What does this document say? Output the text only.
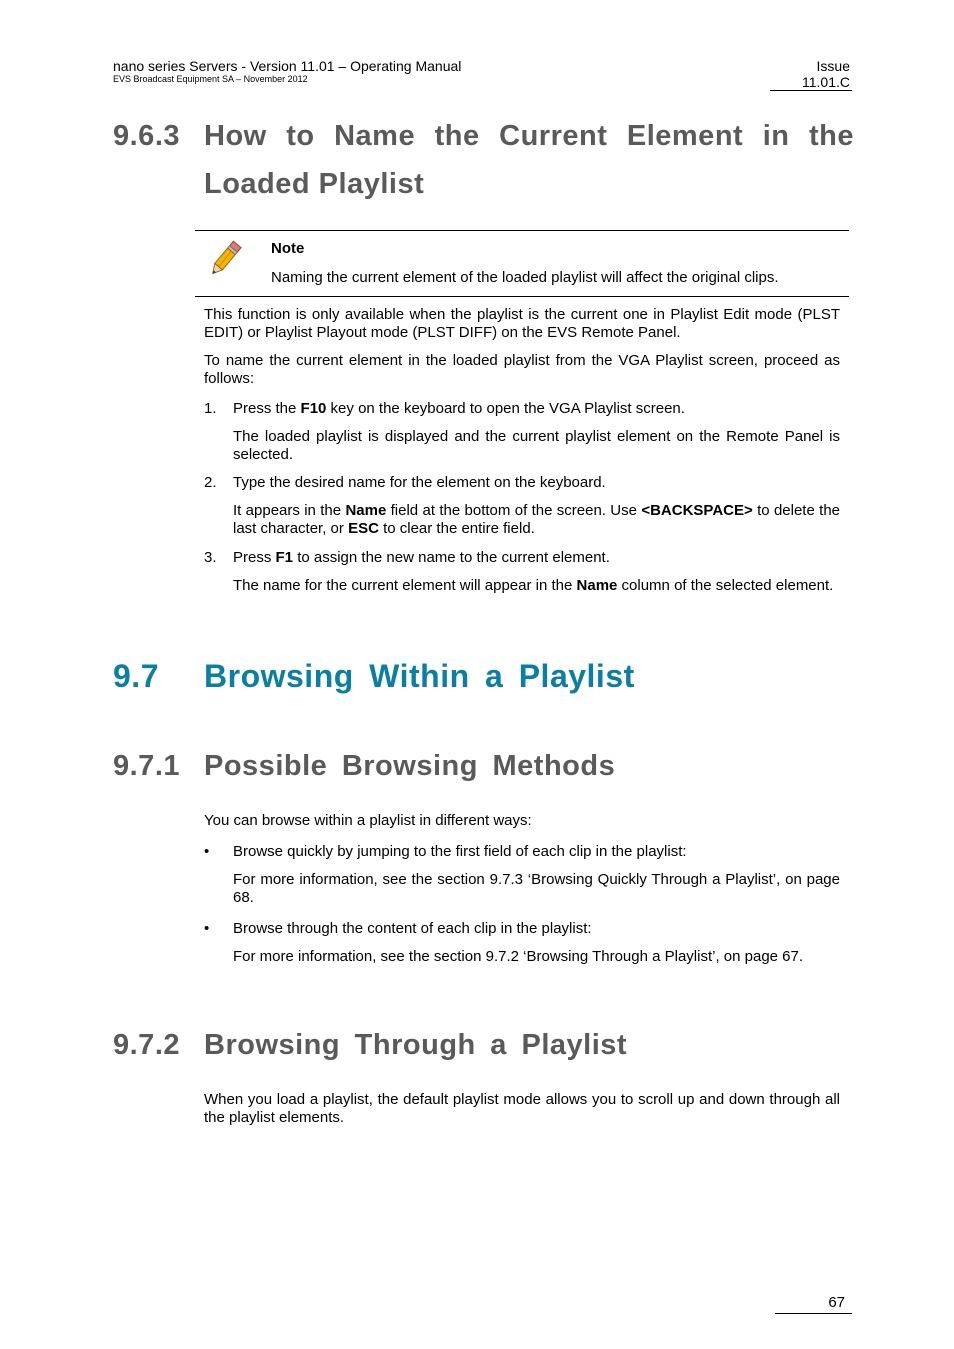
nano series Servers - Version 11.01 – Operating Manual
EVS Broadcast Equipment SA – November 2012
Issue
11.01.C
9.6.3 How to Name the Current Element in the
Loaded Playlist
Note
Naming the current element of the loaded playlist will affect the original clips.
This function is only available when the playlist is the current one in Playlist Edit mode (PLST EDIT) or Playlist Playout mode (PLST DIFF) on the EVS Remote Panel.
To name the current element in the loaded playlist from the VGA Playlist screen, proceed as follows:
1. Press the F10 key on the keyboard to open the VGA Playlist screen.
The loaded playlist is displayed and the current playlist element on the Remote Panel is selected.
2. Type the desired name for the element on the keyboard.
It appears in the Name field at the bottom of the screen. Use <BACKSPACE> to delete the last character, or ESC to clear the entire field.
3. Press F1 to assign the new name to the current element.
The name for the current element will appear in the Name column of the selected element.
9.7 Browsing Within a Playlist
9.7.1 Possible Browsing Methods
You can browse within a playlist in different ways:
• Browse quickly by jumping to the first field of each clip in the playlist:
For more information, see the section 9.7.3 ‘Browsing Quickly Through a Playlist’, on page 68.
• Browse through the content of each clip in the playlist:
For more information, see the section 9.7.2 ‘Browsing Through a Playlist’, on page 67.
9.7.2 Browsing Through a Playlist
When you load a playlist, the default playlist mode allows you to scroll up and down through all the playlist elements.
67
